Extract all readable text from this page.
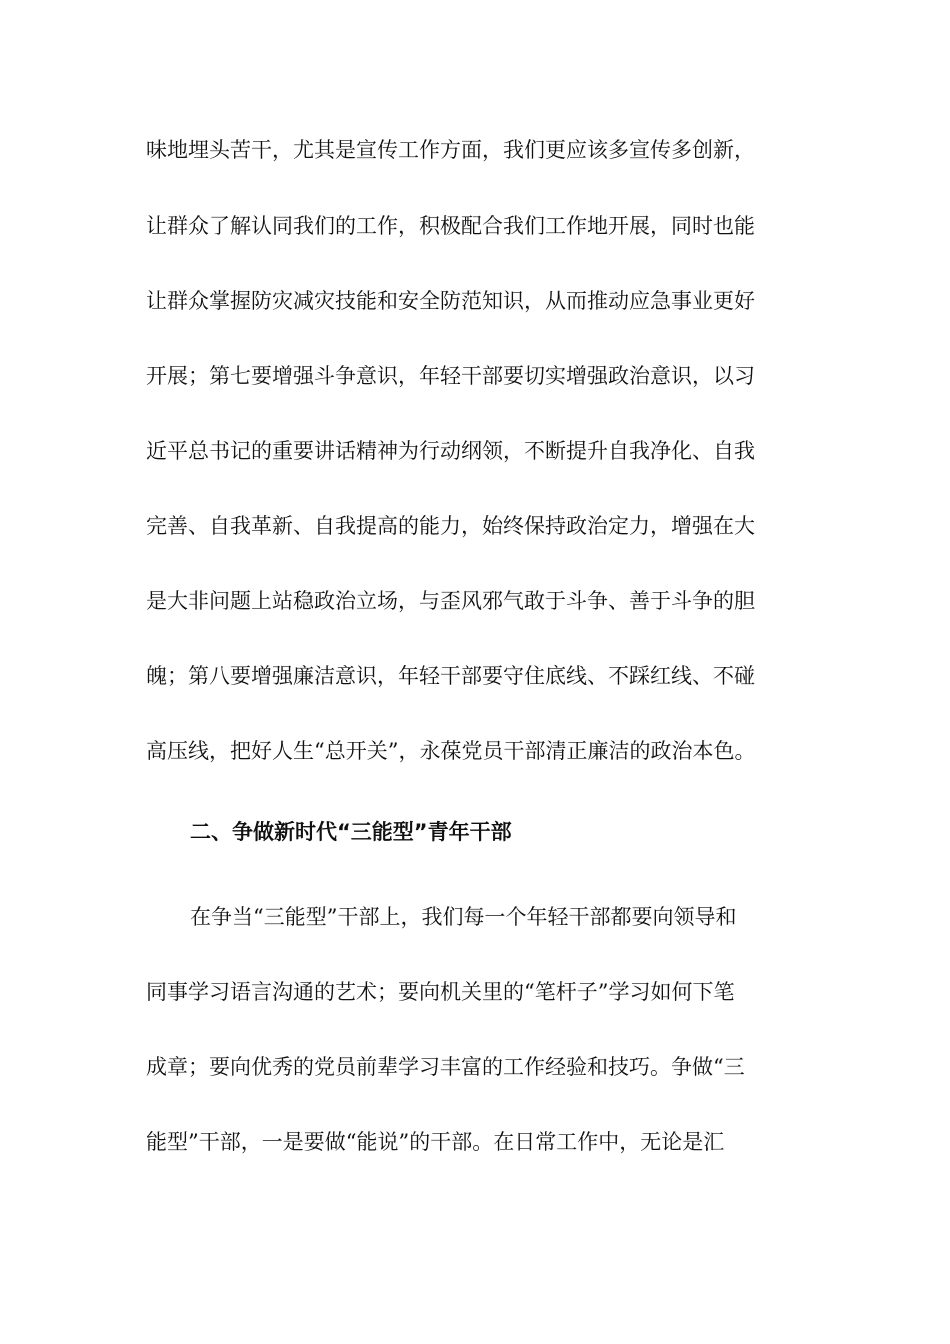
味地埋头苦干，尤其是宣传工作方面，我们更应该多宣传多创新，

让群众了解认同我们的工作，积极配合我们工作地开展，同时也能

让群众掌握防灾减灾技能和安全防范知识，从而推动应急事业更好

开展；第七要增强斗争意识，年轻干部要切实增强政治意识，以习

近平总书记的重要讲话精神为行动纲领，不断提升自我净化、自我

完善、自我革新、自我提高的能力，始终保持政治定力，增强在大

是大非问题上站稳政治立场，与歪风邪气敢于斗争、善于斗争的胆

魄；第八要增强廉洁意识，年轻干部要守住底线、不踩红线、不碰

高压线，把好人生“总开关”，永葆党员干部清正廉洁的政治本色。

二、争做新时代“三能型”青年干部

在争当“三能型”干部上，我们每一个年轻干部都要向领导和

同事学习语言沟通的艺术；要向机关里的“笔杆子”学习如何下笔

成章；要向优秀的党员前辈学习丰富的工作经验和技巧。争做“三

能型”干部，一是要做“能说”的干部。在日常工作中，无论是汇
